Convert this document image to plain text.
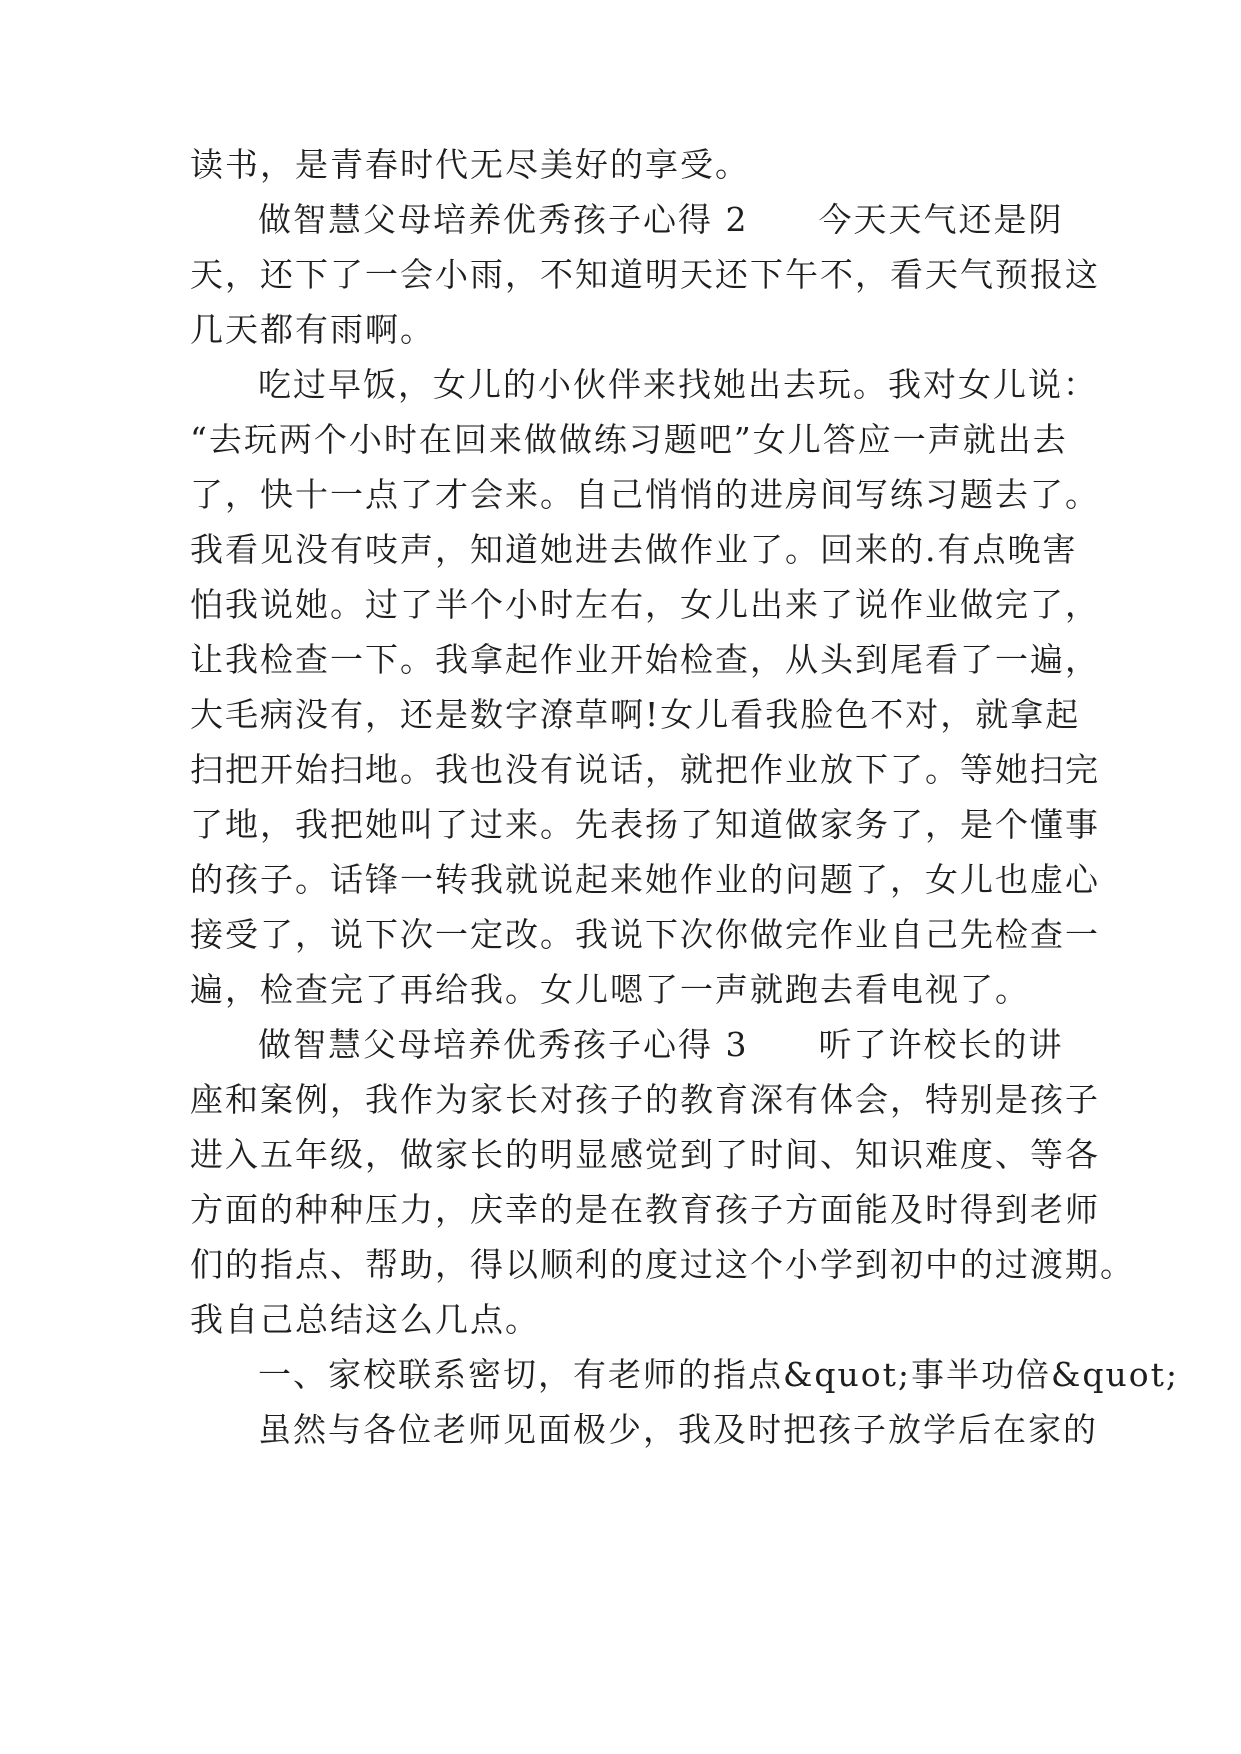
读书，是青春时代无尽美好的享受。
做智慧父母培养优秀孩子心得 2 今天天气还是阴
天，还下了一会小雨，不知道明天还下午不，看天气预报这
几天都有雨啊。
吃过早饭，女儿的小伙伴来找她出去玩。我对女儿说：
“去玩两个小时在回来做做练习题吧”女儿答应一声就出去
了，快十一点了才会来。自己悄悄的进房间写练习题去了。
我看见没有吱声，知道她进去做作业了。回来的.有点晚害
怕我说她。过了半个小时左右，女儿出来了说作业做完了，
让我检查一下。我拿起作业开始检查，从头到尾看了一遍，
大毛病没有，还是数字潦草啊!女儿看我脸色不对，就拿起
扫把开始扫地。我也没有说话，就把作业放下了。等她扫完
了地，我把她叫了过来。先表扬了知道做家务了，是个懂事
的孩子。话锋一转我就说起来她作业的问题了，女儿也虚心
接受了，说下次一定改。我说下次你做完作业自己先检查一
遍，检查完了再给我。女儿嗯了一声就跑去看电视了。
做智慧父母培养优秀孩子心得 3 听了许校长的讲
座和案例，我作为家长对孩子的教育深有体会，特别是孩子
进入五年级，做家长的明显感觉到了时间、知识难度、等各
方面的种种压力，庆幸的是在教育孩子方面能及时得到老师
们的指点、帮助，得以顺利的度过这个小学到初中的过渡期。
我自己总结这么几点。
一、家校联系密切，有老师的指点&quot;事半功倍&quot;
虽然与各位老师见面极少，我及时把孩子放学后在家的
